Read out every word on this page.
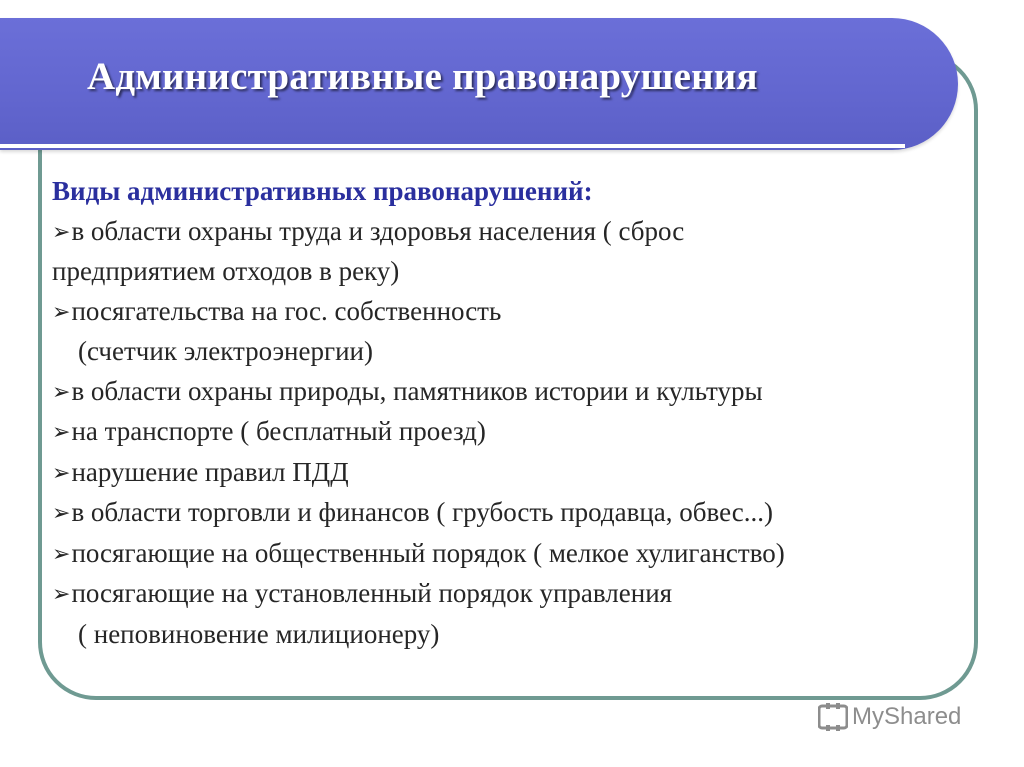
Административные правонарушения
Виды административных правонарушений:
➢в области охраны труда и здоровья населения ( сброс
предприятием отходов в реку)
➢посягательства на гос. собственность
(счетчик электроэнергии)
➢в области охраны природы, памятников истории и культуры
➢на транспорте ( бесплатный проезд)
➢нарушение правил ПДД
➢в области торговли и финансов ( грубость продавца, обвес...)
➢посягающие на общественный порядок ( мелкое хулиганство)
➢посягающие на установленный порядок управления
( неповиновение милиционеру)
MyShared
